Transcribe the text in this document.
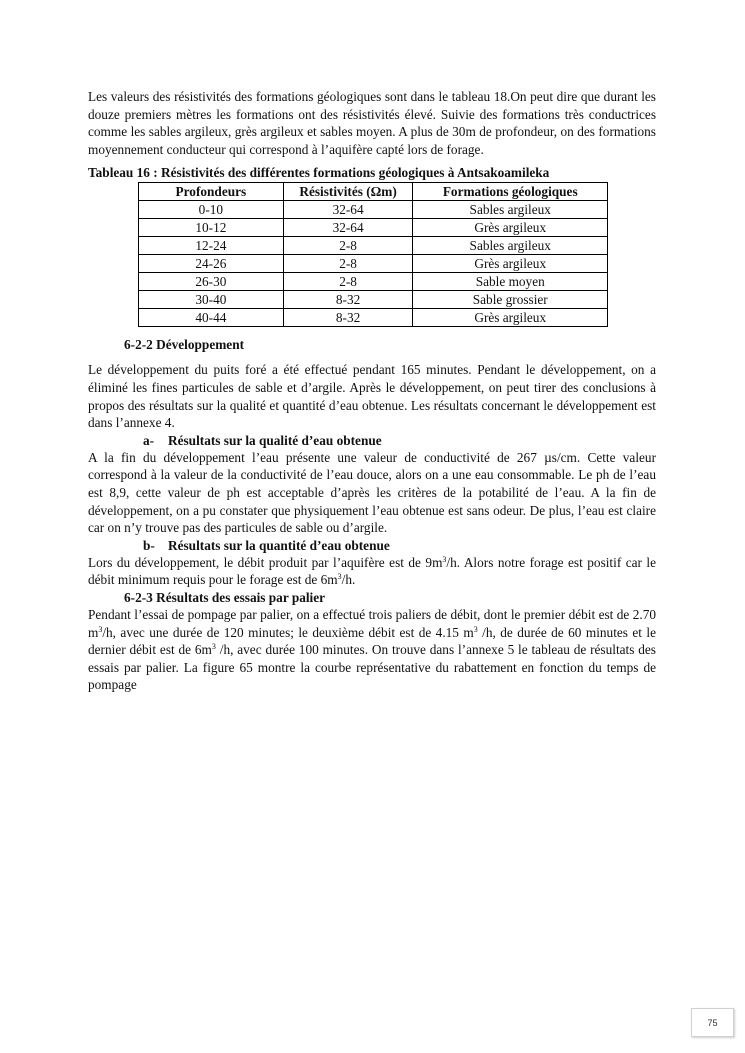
Les valeurs des résistivités des formations géologiques sont dans le tableau 18.On peut dire que durant les douze premiers mètres les formations ont des résistivités élevé. Suivie des formations très conductrices comme les sables argileux, grès argileux et sables moyen. A plus de 30m de profondeur, on des formations moyennement conducteur qui correspond à l’aquifère capté lors de forage.

Tableau 16 : Résistivités des différentes formations géologiques à Antsakoamileka
Profondeurs	Résistivités (Ωm)	Formations géologiques
0-10	32-64	Sables argileux
10-12	32-64	Grès argileux
12-24	2-8	Sables argileux
24-26	2-8	Grès argileux
26-30	2-8	Sable moyen
30-40	8-32	Sable grossier
40-44	8-32	Grès argileux
6-2-2 Développement

Le développement du puits foré a été effectué pendant 165 minutes. Pendant le développement, on a éliminé les fines particules de sable et d’argile. Après le développement, on peut tirer des conclusions à propos des résultats sur la qualité et quantité d’eau obtenue. Les résultats concernant le développement est dans l’annexe 4.

a- Résultats sur la qualité d’eau obtenue

A la fin du développement l’eau présente une valeur de conductivité de 267 µs/cm. Cette valeur correspond à la valeur de la conductivité de l’eau douce, alors on a une eau consommable. Le ph de l’eau est 8,9, cette valeur de ph est acceptable d’après les critères de la potabilité de l’eau. A la fin de développement, on a pu constater que physiquement l’eau obtenue est sans odeur. De plus, l’eau est claire car on n’y trouve pas des particules de sable ou d’argile.

b- Résultats sur la quantité d’eau obtenue

Lors du développement, le débit produit par l’aquifère est de $9m^3/h$. Alors notre forage est positif car le débit minimum requis pour le forage est de $6m^3/h$.

6-2-3 Résultats des essais par palier

Pendant l’essai de pompage par palier, on a effectué trois paliers de débit, dont le premier débit est de 2.70 $m^3/h$, avec une durée de 120 minutes; le deuxième débit est de 4.15 $m^3$ /h, de durée de 60 minutes et le dernier débit est de $6m^3$ /h, avec durée 100 minutes. On trouve dans l’annexe 5 le tableau de résultats des essais par palier. La figure 65 montre la courbe représentative du rabattement en fonction du temps de pompage

75
